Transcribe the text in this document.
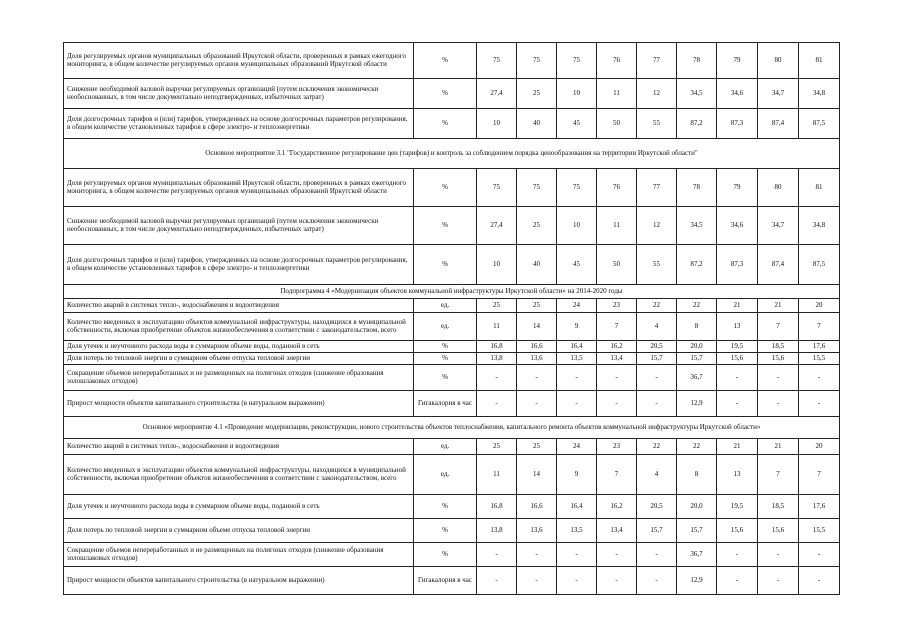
Доля регулируемых органов муниципальных образований Иркутской области, проверенных в рамках ежегодного мониторинга, в общем количестве регулируемых органов муниципальных образований Иркутской области	%	75	75	75	76	77	78	79	80	81
Снижение необходимой валовой выручки регулируемых организаций (путем исключения экономически необоснованных, в том числе документально неподтвержденных, избыточных затрат)	%	27,4	25	10	11	12	34,5	34,6	34,7	34,8
Доля долгосрочных тарифов и (или) тарифов, утвержденных на основе долгосрочных параметров регулирования, в общем количестве установленных тарифов в сфере электро- и теплоэнергетики	%	10	40	45	50	55	87,2	87,3	87,4	87,5
Основное мероприятие 3.1 "Государственное регулирование цен (тарифов) и контроль за соблюдением порядка ценообразования на территории Иркутской области"										
Доля регулируемых органов муниципальных образований Иркутской области, проверенных в рамках ежегодного мониторинга, в общем количестве регулируемых органов муниципальных образований Иркутской области	%	75	75	75	76	77	78	79	80	81
Снижение необходимой валовой выручки регулируемых организаций (путем исключения экономически необоснованных, в том числе документально неподтвержденных, избыточных затрат)	%	27,4	25	10	11	12	34,5	34,6	34,7	34,8
Доля долгосрочных тарифов и (или) тарифов, утвержденных на основе долгосрочных параметров регулирования, в общем количестве установленных тарифов в сфере электро- и теплоэнергетики	%	10	40	45	50	55	87,2	87,3	87,4	87,5
Подпрограмма 4 «Модернизация объектов коммунальной инфраструктуры Иркутской области» на 2014-2020 годы										
Количество аварий в системах тепло-, водоснабжения и водоотведения	ед.	25	25	24	23	22	22	21	21	20
Количество введенных в эксплуатацию объектов коммунальной инфраструктуры, находящихся в муниципальной собственности, включая приобретение объектов жизнеобеспечения в соответствии с законодательством, всего	ед.	11	14	9	7	4	8	13	7	7
Доля утечек и неучтенного расхода воды в суммарном объеме воды, поданной в сеть	%	16,8	16,6	16,4	16,2	20,5	20,0	19,5	18,5	17,6
Доля потерь по тепловой энергии в суммарном объеме отпуска тепловой энергии	%	13,8	13,6	13,5	13,4	15,7	15,7	15,6	15,6	15,5
Сокращение объемов непереработанных и не размещенных на полигонах отходов (снижение образования золошлаковых отходов)	%	-	-	-	-	-	36,7	-	-	-
Прирост мощности объектов капитального строительства (в натуральном выражении)	Гигакалория в час	-	-	-	-	-	12,9	-	-	-
Основное мероприятие 4.1 «Проведение модернизации, реконструкции, нового строительства объектов теплоснабжения, капитального ремонта объектов коммунальной инфраструктуры Иркутской области»										
Количество аварий в системах тепло-, водоснабжения и водоотведения	ед.	25	25	24	23	22	22	21	21	20
Количество введенных в эксплуатацию объектов коммунальной инфраструктуры, находящихся в муниципальной собственности, включая приобретение объектов жизнеобеспечения в соответствии с законодательством, всего	ед.	11	14	9	7	4	8	13	7	7
Доля утечек и неучтенного расхода воды в суммарном объеме воды, поданной в сеть	%	16,8	16,6	16,4	16,2	20,5	20,0	19,5	18,5	17,6
Доля потерь по тепловой энергии в суммарном объеме отпуска тепловой энергии	%	13,8	13,6	13,5	13,4	15,7	15,7	15,6	15,6	15,5
Сокращение объемов непереработанных и не размещенных на полигонах отходов (снижение образования золошлаковых отходов)	%	-	-	-	-	-	36,7	-	-	-
Прирост мощности объектов капитального строительства (в натуральном выражении)	Гигакалория в час	-	-	-	-	-	12,9	-	-	-
